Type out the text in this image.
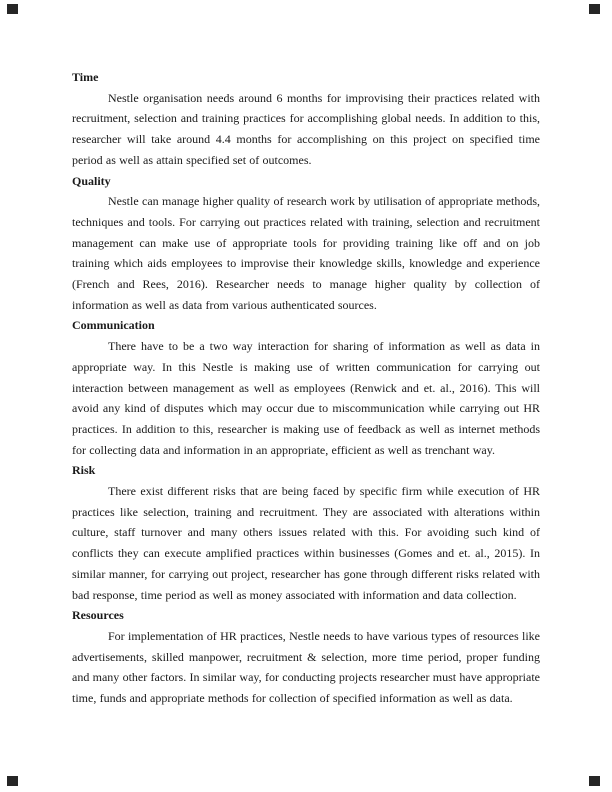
Time

Nestle organisation needs around 6 months for improvising their practices related with recruitment, selection and training practices for accomplishing global needs. In addition to this, researcher will take around 4.4 months for accomplishing on this project on specified time period as well as attain specified set of outcomes.

Quality

Nestle can manage higher quality of research work by utilisation of appropriate methods, techniques and tools. For carrying out practices related with training, selection and recruitment management can make use of appropriate tools for providing training like off and on job training which aids employees to improvise their knowledge skills, knowledge and experience (French and Rees, 2016). Researcher needs to manage higher quality by collection of information as well as data from various authenticated sources.

Communication

There have to be a two way interaction for sharing of information as well as data in appropriate way. In this Nestle is making use of written communication for carrying out interaction between management as well as employees (Renwick and et. al., 2016). This will avoid any kind of disputes which may occur due to miscommunication while carrying out HR practices. In addition to this, researcher is making use of feedback as well as internet methods for collecting data and information in an appropriate, efficient as well as trenchant way.

Risk

There exist different risks that are being faced by specific firm while execution of HR practices like selection, training and recruitment. They are associated with alterations within culture, staff turnover and many others issues related with this. For avoiding such kind of conflicts they can execute amplified practices within businesses (Gomes and et. al., 2015). In similar manner, for carrying out project, researcher has gone through different risks related with bad response, time period as well as money associated with information and data collection.

Resources

For implementation of HR practices, Nestle needs to have various types of resources like advertisements, skilled manpower, recruitment & selection, more time period, proper funding and many other factors. In similar way, for conducting projects researcher must have appropriate time, funds and appropriate methods for collection of specified information as well as data.
